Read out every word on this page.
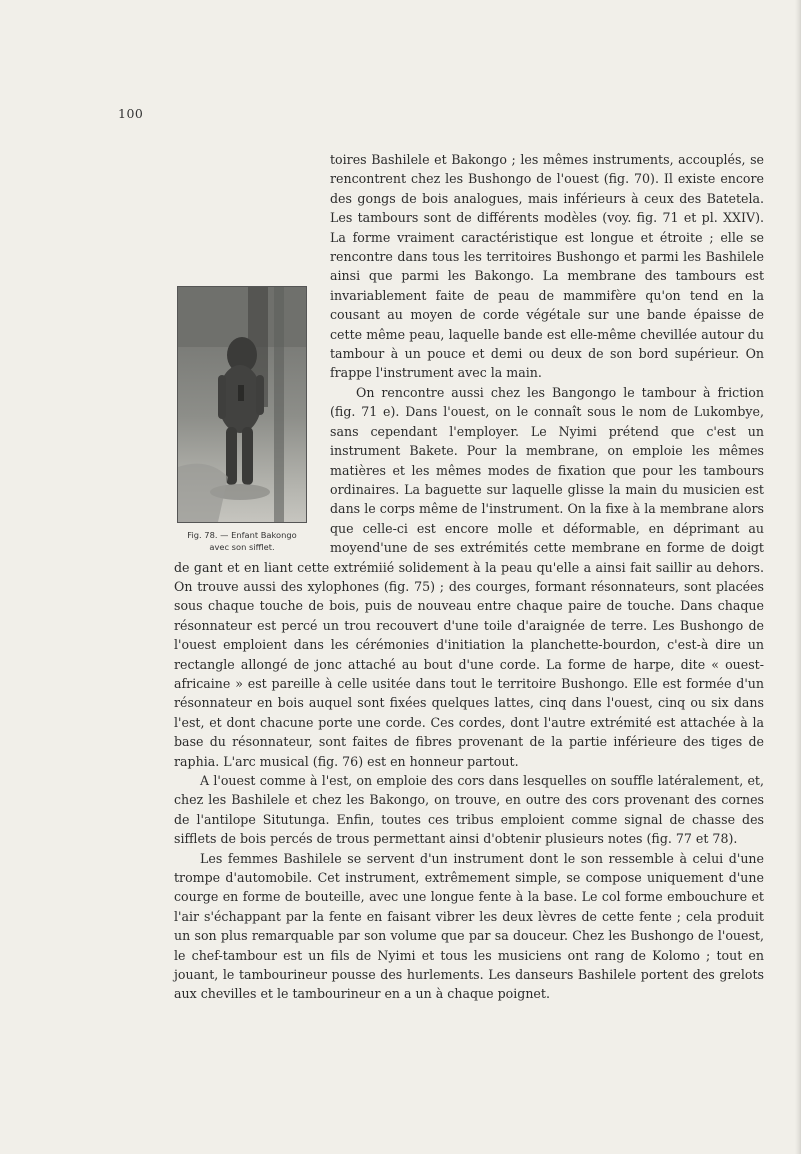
100
Fig. 78. — Enfant Bakongo
avec son sifflet.

toires Bashilele et Bakongo ; les mêmes instruments, accouplés, se rencontrent chez les Bushongo de l'ouest (fig. 70). Il existe encore des gongs de bois analogues, mais inférieurs à ceux des Batetela. Les tambours sont de différents modèles (voy. fig. 71 et pl. XXIV). La forme vraiment caractéristique est longue et étroite ; elle se rencontre dans tous les territoires Bushongo et parmi les Bashilele ainsi que parmi les Bakongo. La membrane des tambours est invariablement faite de peau de mammifère qu'on tend en la cousant au moyen de corde végétale sur une bande épaisse de cette même peau, laquelle bande est elle-même chevillée autour du tambour à un pouce et demi ou deux de son bord supérieur. On frappe l'instrument avec la main.

On rencontre aussi chez les Bangongo le tambour à friction (fig. 71 e). Dans l'ouest, on le connaît sous le nom de Lukombye, sans cependant l'employer. Le Nyimi prétend que c'est un instrument Bakete. Pour la membrane, on emploie les mêmes matières et les mêmes modes de fixation que pour les tambours ordinaires. La baguette sur laquelle glisse la main du musicien est dans le corps même de l'instrument. On la fixe à la membrane alors que celle-ci est encore molle et déformable, en déprimant au moyend'une de ses extrémités cette membrane en forme de doigt de gant et en liant cette extrémiié solidement à la peau qu'elle a ainsi fait saillir au dehors. On trouve aussi des xylophones (fig. 75) ; des courges, formant résonnateurs, sont placées sous chaque touche de bois, puis de nouveau entre chaque paire de touche. Dans chaque résonnateur est percé un trou recouvert d'une toile d'araignée de terre. Les Bushongo de l'ouest emploient dans les cérémonies d'initiation la planchette-bourdon, c'est-à dire un rectangle allongé de jonc attaché au bout d'une corde. La forme de harpe, dite « ouest-africaine » est pareille à celle usitée dans tout le territoire Bushongo. Elle est formée d'un résonnateur en bois auquel sont fixées quelques lattes, cinq dans l'ouest, cinq ou six dans l'est, et dont chacune porte une corde. Ces cordes, dont l'autre extrémité est attachée à la base du résonnateur, sont faites de fibres provenant de la partie inférieure des tiges de raphia. L'arc musical (fig. 76) est en honneur partout.

A l'ouest comme à l'est, on emploie des cors dans lesquelles on souffle latéralement, et, chez les Bashilele et chez les Bakongo, on trouve, en outre des cors provenant des cornes de l'antilope Situtunga. Enfin, toutes ces tribus emploient comme signal de chasse des sifflets de bois percés de trous permettant ainsi d'obtenir plusieurs notes (fig. 77 et 78).

Les femmes Bashilele se servent d'un instrument dont le son ressemble à celui d'une trompe d'automobile. Cet instrument, extrêmement simple, se compose uniquement d'une courge en forme de bouteille, avec une longue fente à la base. Le col forme embouchure et l'air s'échappant par la fente en faisant vibrer les deux lèvres de cette fente ; cela produit un son plus remarquable par son volume que par sa douceur. Chez les Bushongo de l'ouest, le chef-tambour est un fils de Nyimi et tous les musiciens ont rang de Kolomo ; tout en jouant, le tambourineur pousse des hurlements. Les danseurs Bashilele portent des grelots aux chevilles et le tambourineur en a un à chaque poignet.
